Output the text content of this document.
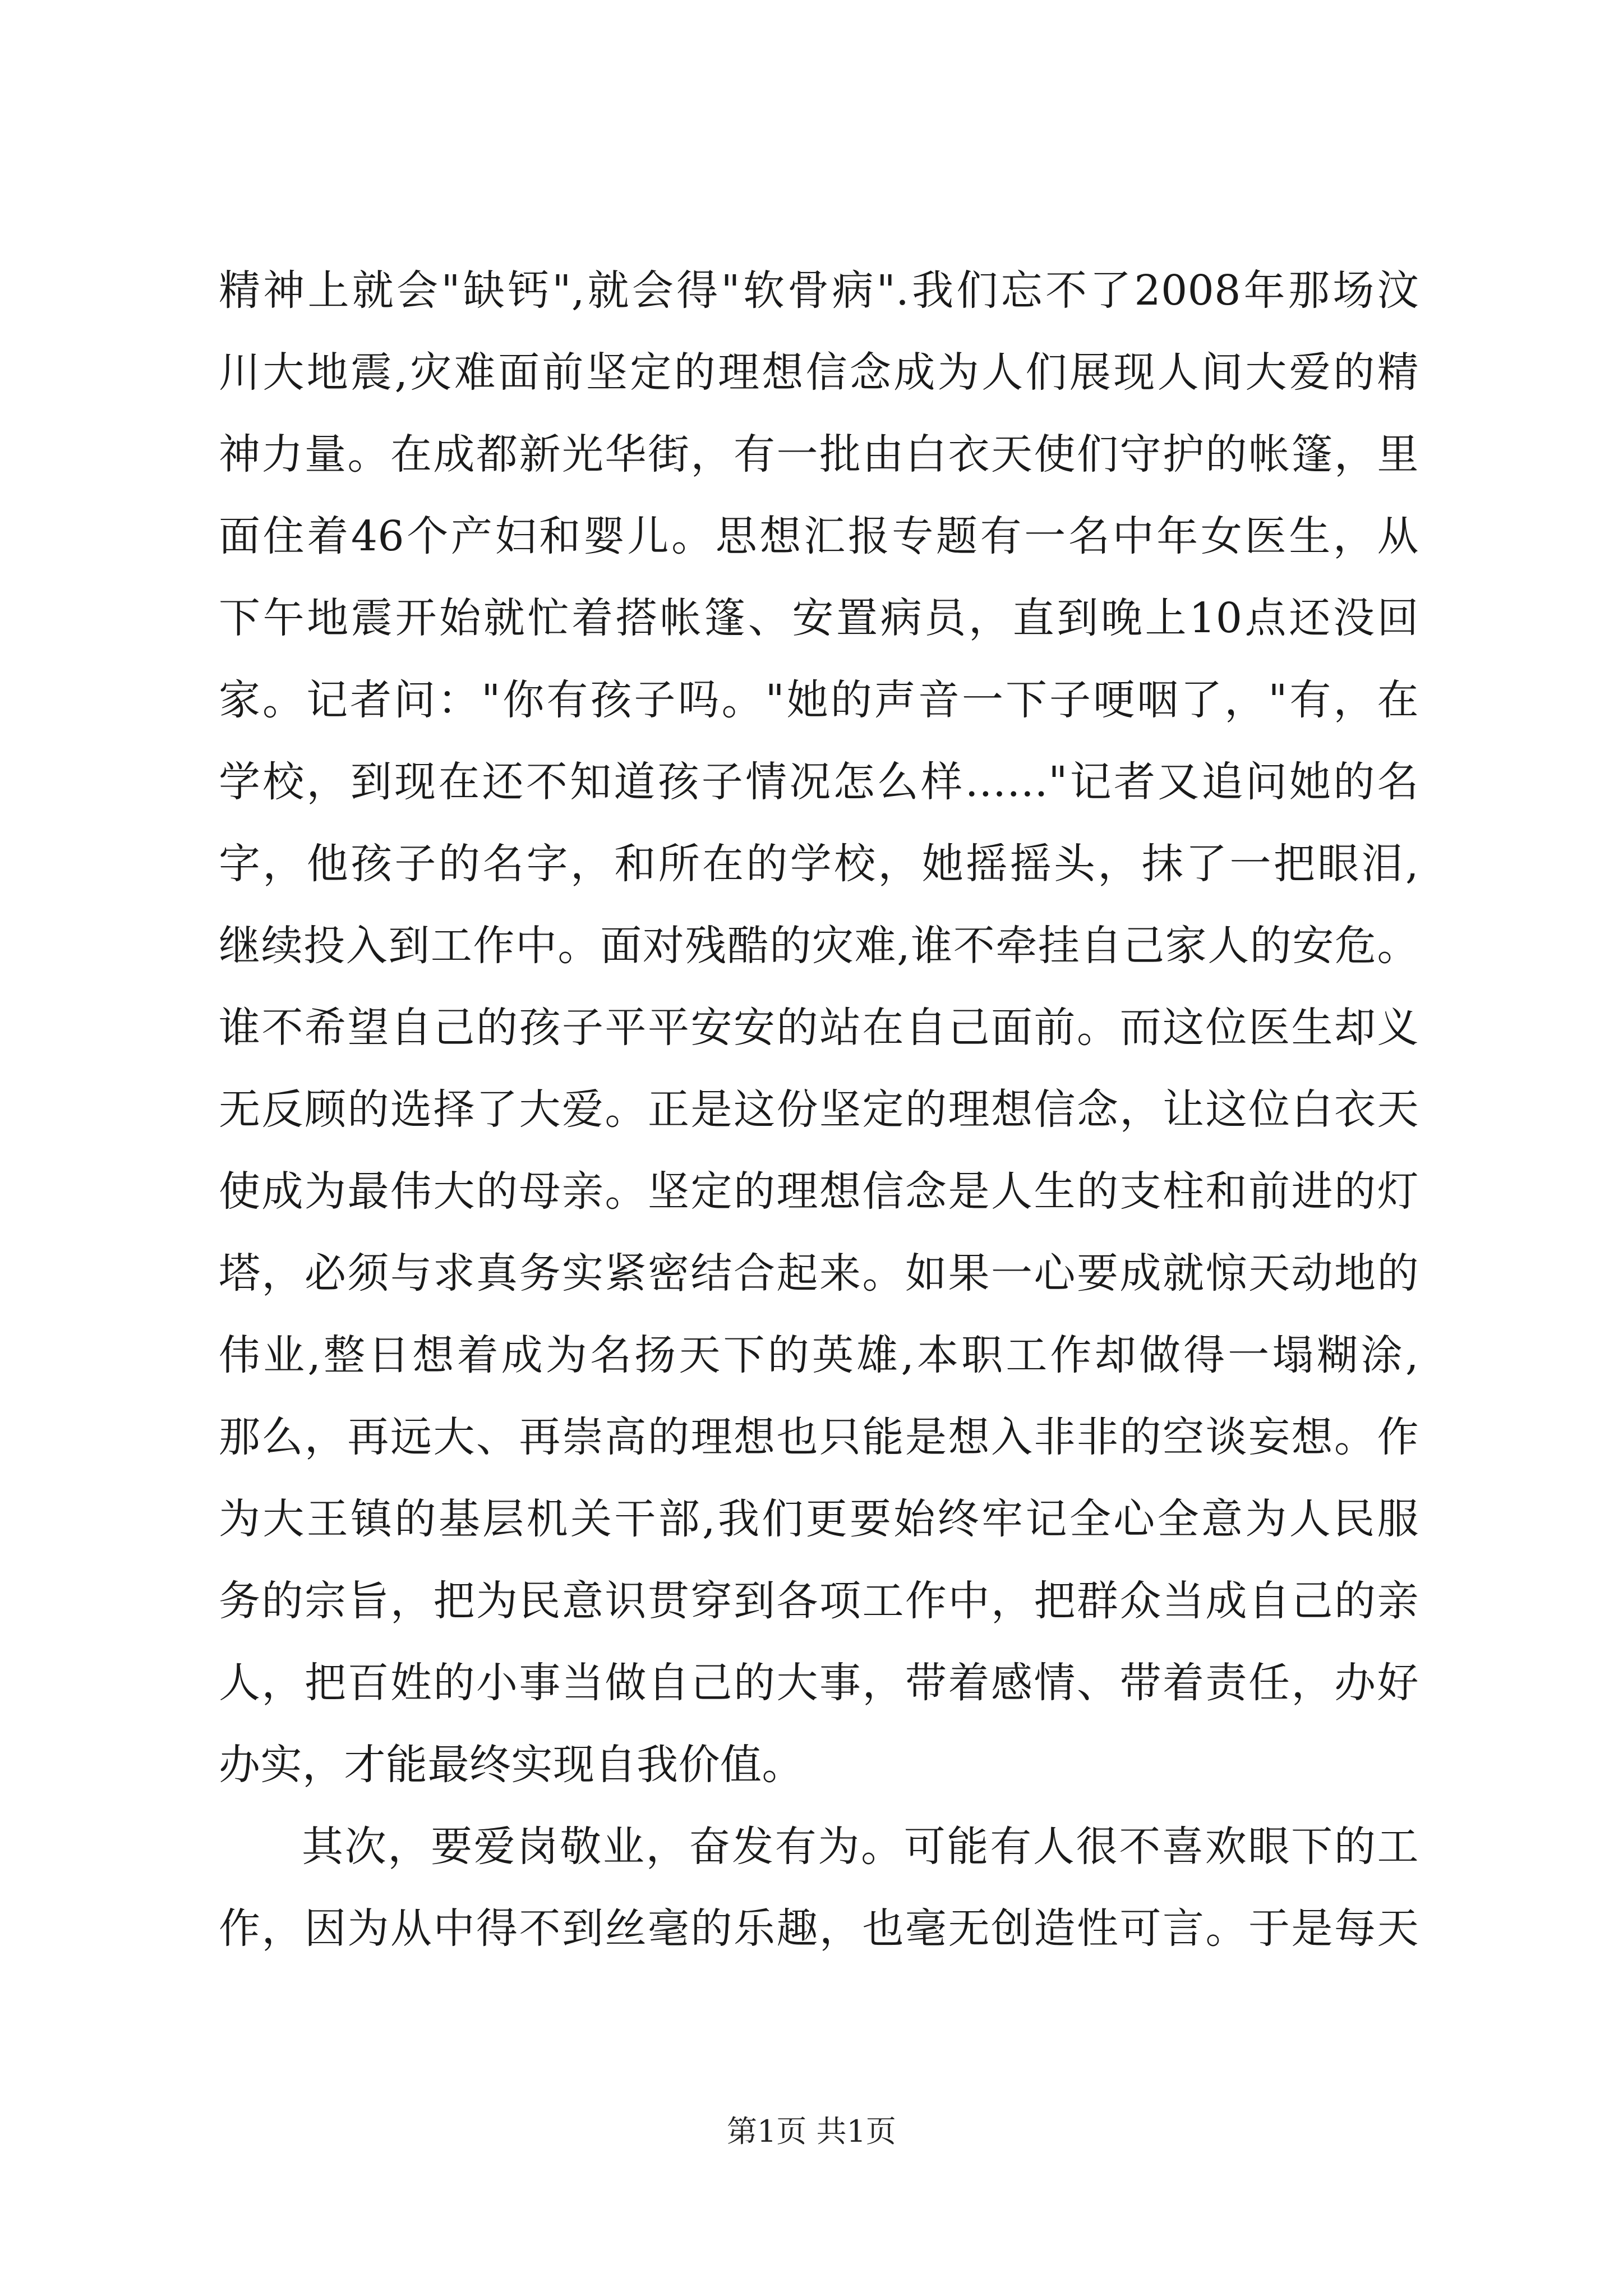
精神上就会"缺钙",就会得"软骨病".我们忘不了2008年那场汶
川大地震,灾难面前坚定的理想信念成为人们展现人间大爱的精
神力量。在成都新光华街，有一批由白衣天使们守护的帐篷，里
面住着46个产妇和婴儿。思想汇报专题有一名中年女医生，从
下午地震开始就忙着搭帐篷、安置病员，直到晚上10点还没回
家。记者问："你有孩子吗。"她的声音一下子哽咽了，"有，在
学校，到现在还不知道孩子情况怎么样……"记者又追问她的名
字，他孩子的名字，和所在的学校，她摇摇头，抹了一把眼泪,
继续投入到工作中。面对残酷的灾难,谁不牵挂自己家人的安危。
谁不希望自己的孩子平平安安的站在自己面前。而这位医生却义
无反顾的选择了大爱。正是这份坚定的理想信念，让这位白衣天
使成为最伟大的母亲。坚定的理想信念是人生的支柱和前进的灯
塔，必须与求真务实紧密结合起来。如果一心要成就惊天动地的
伟业,整日想着成为名扬天下的英雄,本职工作却做得一塌糊涂,
那么，再远大、再崇高的理想也只能是想入非非的空谈妄想。作
为大王镇的基层机关干部,我们更要始终牢记全心全意为人民服
务的宗旨，把为民意识贯穿到各项工作中，把群众当成自己的亲
人，把百姓的小事当做自己的大事，带着感情、带着责任，办好
办实，才能最终实现自我价值。
其次，要爱岗敬业，奋发有为。可能有人很不喜欢眼下的工
作，因为从中得不到丝毫的乐趣，也毫无创造性可言。于是每天
第1页 共1页
